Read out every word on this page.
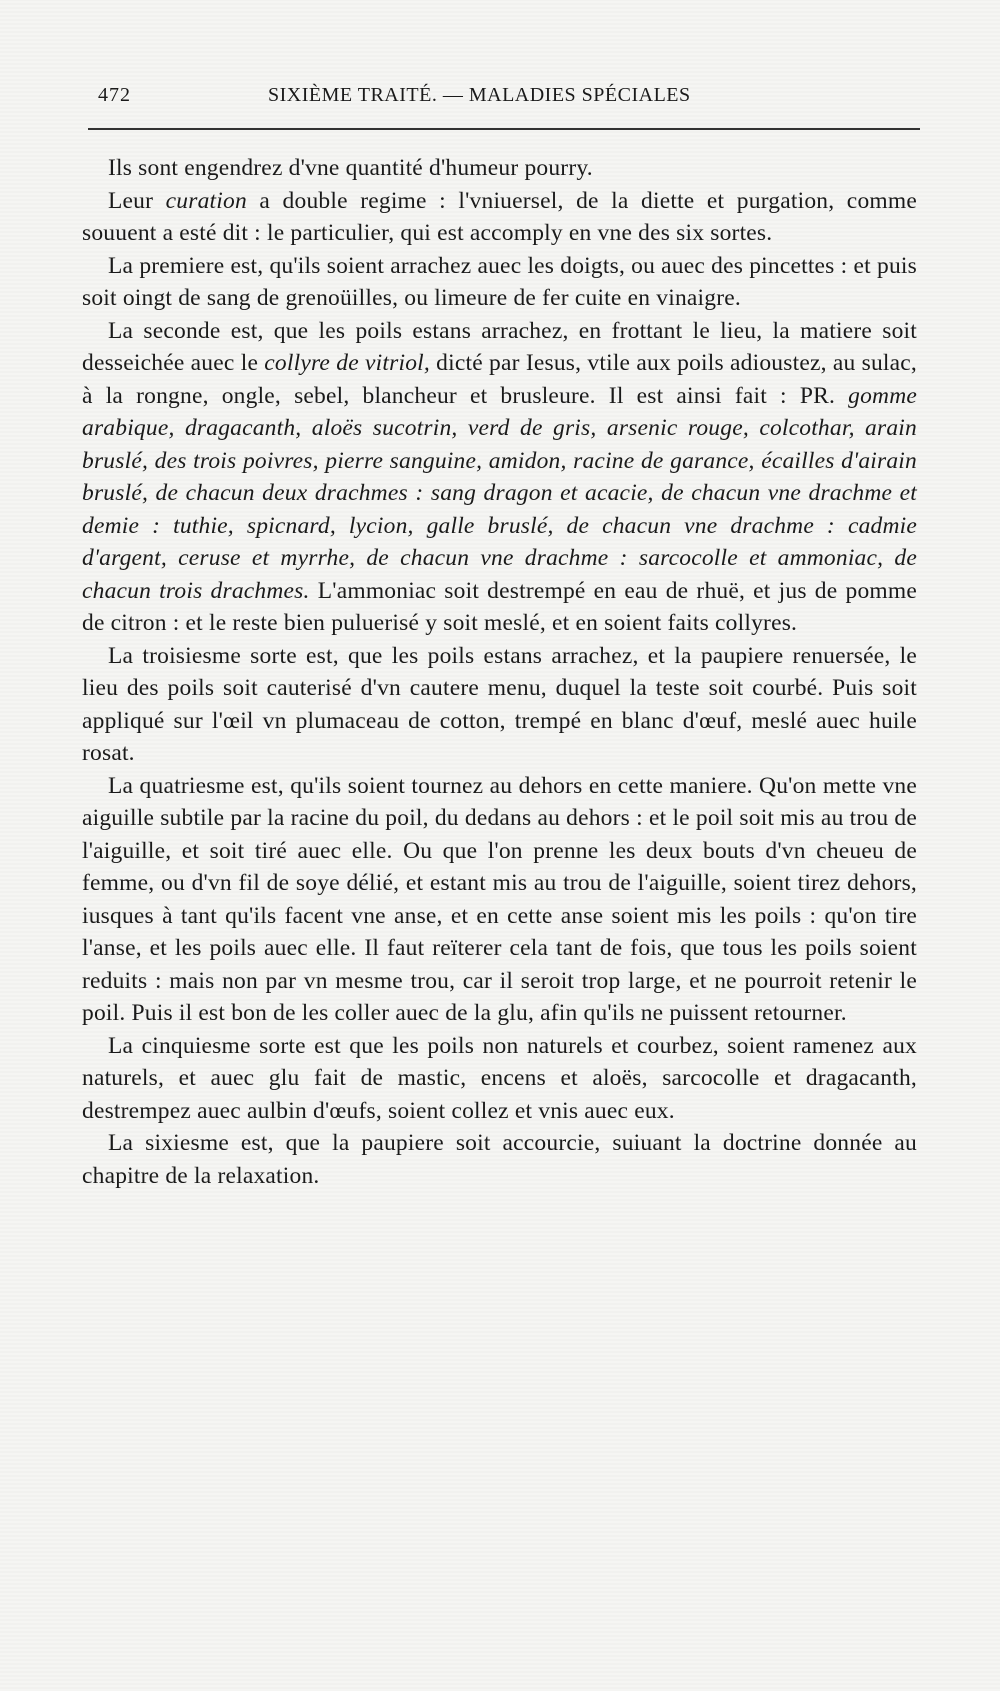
472	SIXIÈME TRAITÉ. — MALADIES SPÉCIALES

Ils sont engendrez d'vne quantité d'humeur pourry.

Leur curation a double regime : l'vniuersel, de la diette et purgation, comme souuent a esté dit : le particulier, qui est accomply en vne des six sortes.

La premiere est, qu'ils soient arrachez auec les doigts, ou auec des pincettes : et puis soit oingt de sang de grenoüilles, ou limeure de fer cuite en vinaigre.

La seconde est, que les poils estans arrachez, en frottant le lieu, la matiere soit desseichée auec le collyre de vitriol, dicté par Iesus, vtile aux poils adioustez, au sulac, à la rongne, ongle, sebel, blancheur et brusleure. Il est ainsi fait : PR. gomme arabique, dragacanth, aloës sucotrin, verd de gris, arsenic rouge, colcothar, arain bruslé, des trois poivres, pierre sanguine, amidon, racine de garance, écailles d'airain bruslé, de chacun deux drachmes : sang dragon et acacie, de chacun vne drachme et demie : tuthie, spicnard, lycion, galle bruslé, de chacun vne drachme : cadmie d'argent, ceruse et myrrhe, de chacun vne drachme : sarcocolle et ammoniac, de chacun trois drachmes. L'ammoniac soit destrempé en eau de rhuë, et jus de pomme de citron : et le reste bien puluerisé y soit meslé, et en soient faits collyres.

La troisiesme sorte est, que les poils estans arrachez, et la paupiere renuersée, le lieu des poils soit cauterisé d'vn cautere menu, duquel la teste soit courbé. Puis soit appliqué sur l'œil vn plumaceau de cotton, trempé en blanc d'œuf, meslé auec huile rosat.

La quatriesme est, qu'ils soient tournez au dehors en cette maniere. Qu'on mette vne aiguille subtile par la racine du poil, du dedans au dehors : et le poil soit mis au trou de l'aiguille, et soit tiré auec elle. Ou que l'on prenne les deux bouts d'vn cheueu de femme, ou d'vn fil de soye délié, et estant mis au trou de l'aiguille, soient tirez dehors, iusques à tant qu'ils facent vne anse, et en cette anse soient mis les poils : qu'on tire l'anse, et les poils auec elle. Il faut reïterer cela tant de fois, que tous les poils soient reduits : mais non par vn mesme trou, car il seroit trop large, et ne pourroit retenir le poil. Puis il est bon de les coller auec de la glu, afin qu'ils ne puissent retourner.

La cinquiesme sorte est que les poils non naturels et courbez, soient ramenez aux naturels, et auec glu fait de mastic, encens et aloës, sarcocolle et dragacanth, destrempez auec aulbin d'œufs, soient collez et vnis auec eux.

La sixiesme est, que la paupiere soit accourcie, suiuant la doctrine donnée au chapitre de la relaxation.
